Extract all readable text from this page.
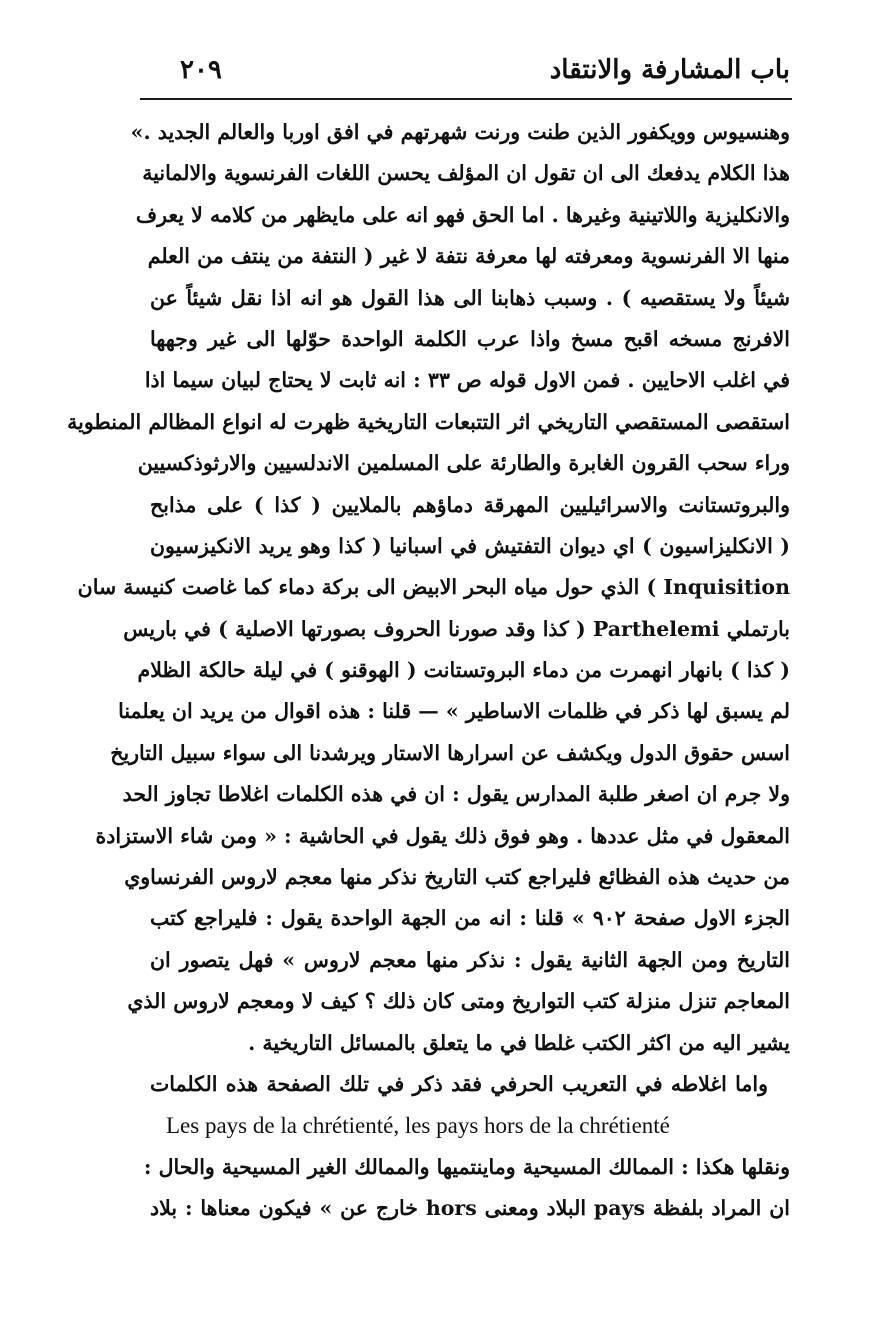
باب المشارفة والانتقاد
٢٠٩
وهنسيوس وويكفور الذين طنت ورنت شهرتهم في افق اوربا والعالم الجديد .»
هذا الكلام يدفعك الى ان تقول ان المؤلف يحسن اللغات الفرنسوية والالمانية
والانكليزية واللاتينية وغيرها . اما الحق فهو انه على مايظهر من كلامه لا يعرف
منها الا الفرنسوية ومعرفته لها معرفة نتفة لا غير ( النتفة من ينتف من العلم
شيئاً ولا يستقصيه ) . وسبب ذهابنا الى هذا القول هو انه اذا نقل شيئاً عن
الافرنج مسخه اقبح مسخ واذا عرب الكلمة الواحدة حوّلها الى غير وجهها
في اغلب الاحايين . فمن الاول قوله ص ٣٣ : انه ثابت لا يحتاج لبيان سيما اذا
استقصى المستقصي التاريخي اثر التتبعات التاريخية ظهرت له انواع المظالم المنطوية
وراء سحب القرون الغابرة والطارئة على المسلمين الاندلسيين والارثوذكسيين
والبروتستانت والاسرائيليين المهرقة دماؤهم بالملايين ( كذا ) على مذابح
( الانكليزاسيون ) اي ديوان التفتيش في اسبانيا ( كذا وهو يريد الانكيزسيون
Inquisition ) الذي حول مياه البحر الابيض الى بركة دماء كما غاصت كنيسة سان
بارتملي Parthelemi ( كذا وقد صورنا الحروف بصورتها الاصلية ) في باريس
( كذا ) بانهار انهمرت من دماء البروتستانت ( الهوقنو ) في ليلة حالكة الظلام
لم يسبق لها ذكر في ظلمات الاساطير » — قلنا : هذه اقوال من يريد ان يعلمنا
اسس حقوق الدول ويكشف عن اسرارها الاستار ويرشدنا الى سواء سبيل التاريخ
ولا جرم ان اصغر طلبة المدارس يقول : ان في هذه الكلمات اغلاطا تجاوز الحد
المعقول في مثل عددها . وهو فوق ذلك يقول في الحاشية : « ومن شاء الاستزادة
من حديث هذه الفظائع فليراجع كتب التاريخ نذكر منها معجم لاروس الفرنساوي
الجزء الاول صفحة ٩٠٢ » قلنا : انه من الجهة الواحدة يقول : فليراجع كتب
التاريخ ومن الجهة الثانية يقول : نذكر منها معجم لاروس » فهل يتصور ان
المعاجم تنزل منزلة كتب التواريخ ومتى كان ذلك ؟ كيف لا ومعجم لاروس الذي
يشير اليه من اكثر الكتب غلطا في ما يتعلق بالمسائل التاريخية .
واما اغلاطه في التعريب الحرفي فقد ذكر في تلك الصفحة هذه الكلمات
Les pays de la chrétienté, les pays hors de la chrétienté
ونقلها هكذا : الممالك المسيحية وماينتميها والممالك الغير المسيحية والحال :
ان المراد بلفظة pays البلاد ومعنى hors خارج عن » فيكون معناها : بلاد
